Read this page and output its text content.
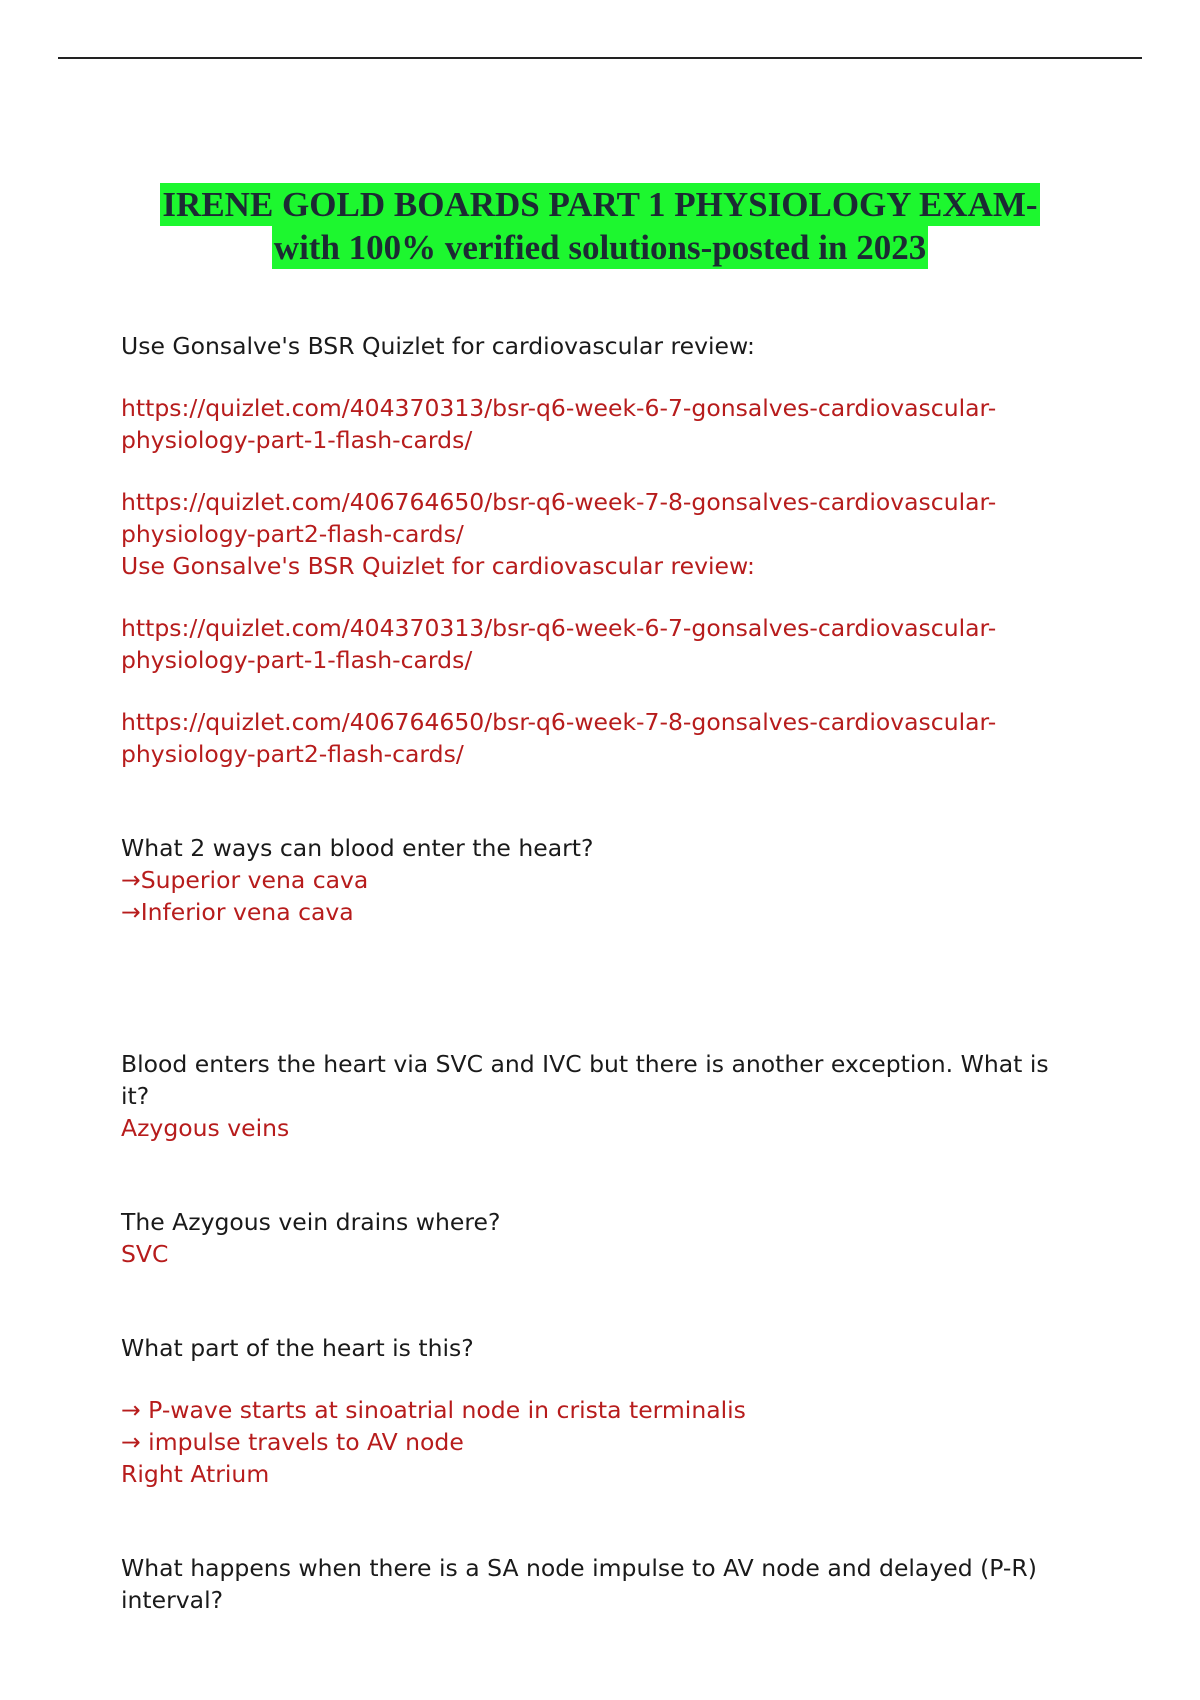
IRENE GOLD BOARDS PART 1 PHYSIOLOGY EXAM-
with 100% verified solutions-posted in 2023

Use Gonsalve's BSR Quizlet for cardiovascular review:

https://quizlet.com/404370313/bsr-q6-week-6-7-gonsalves-cardiovascular-

physiology-part-1-flash-cards/

https://quizlet.com/406764650/bsr-q6-week-7-8-gonsalves-cardiovascular-

physiology-part2-flash-cards/

Use Gonsalve's BSR Quizlet for cardiovascular review:

https://quizlet.com/404370313/bsr-q6-week-6-7-gonsalves-cardiovascular-

physiology-part-1-flash-cards/

https://quizlet.com/406764650/bsr-q6-week-7-8-gonsalves-cardiovascular-

physiology-part2-flash-cards/

What 2 ways can blood enter the heart?

→Superior vena cava

→Inferior vena cava

Blood enters the heart via SVC and IVC but there is another exception. What is it?

Azygous veins

The Azygous vein drains where?

SVC

What part of the heart is this?

→ P-wave starts at sinoatrial node in crista terminalis

→ impulse travels to AV node

Right Atrium

What happens when there is a SA node impulse to AV node and delayed (P-R)

interval?
